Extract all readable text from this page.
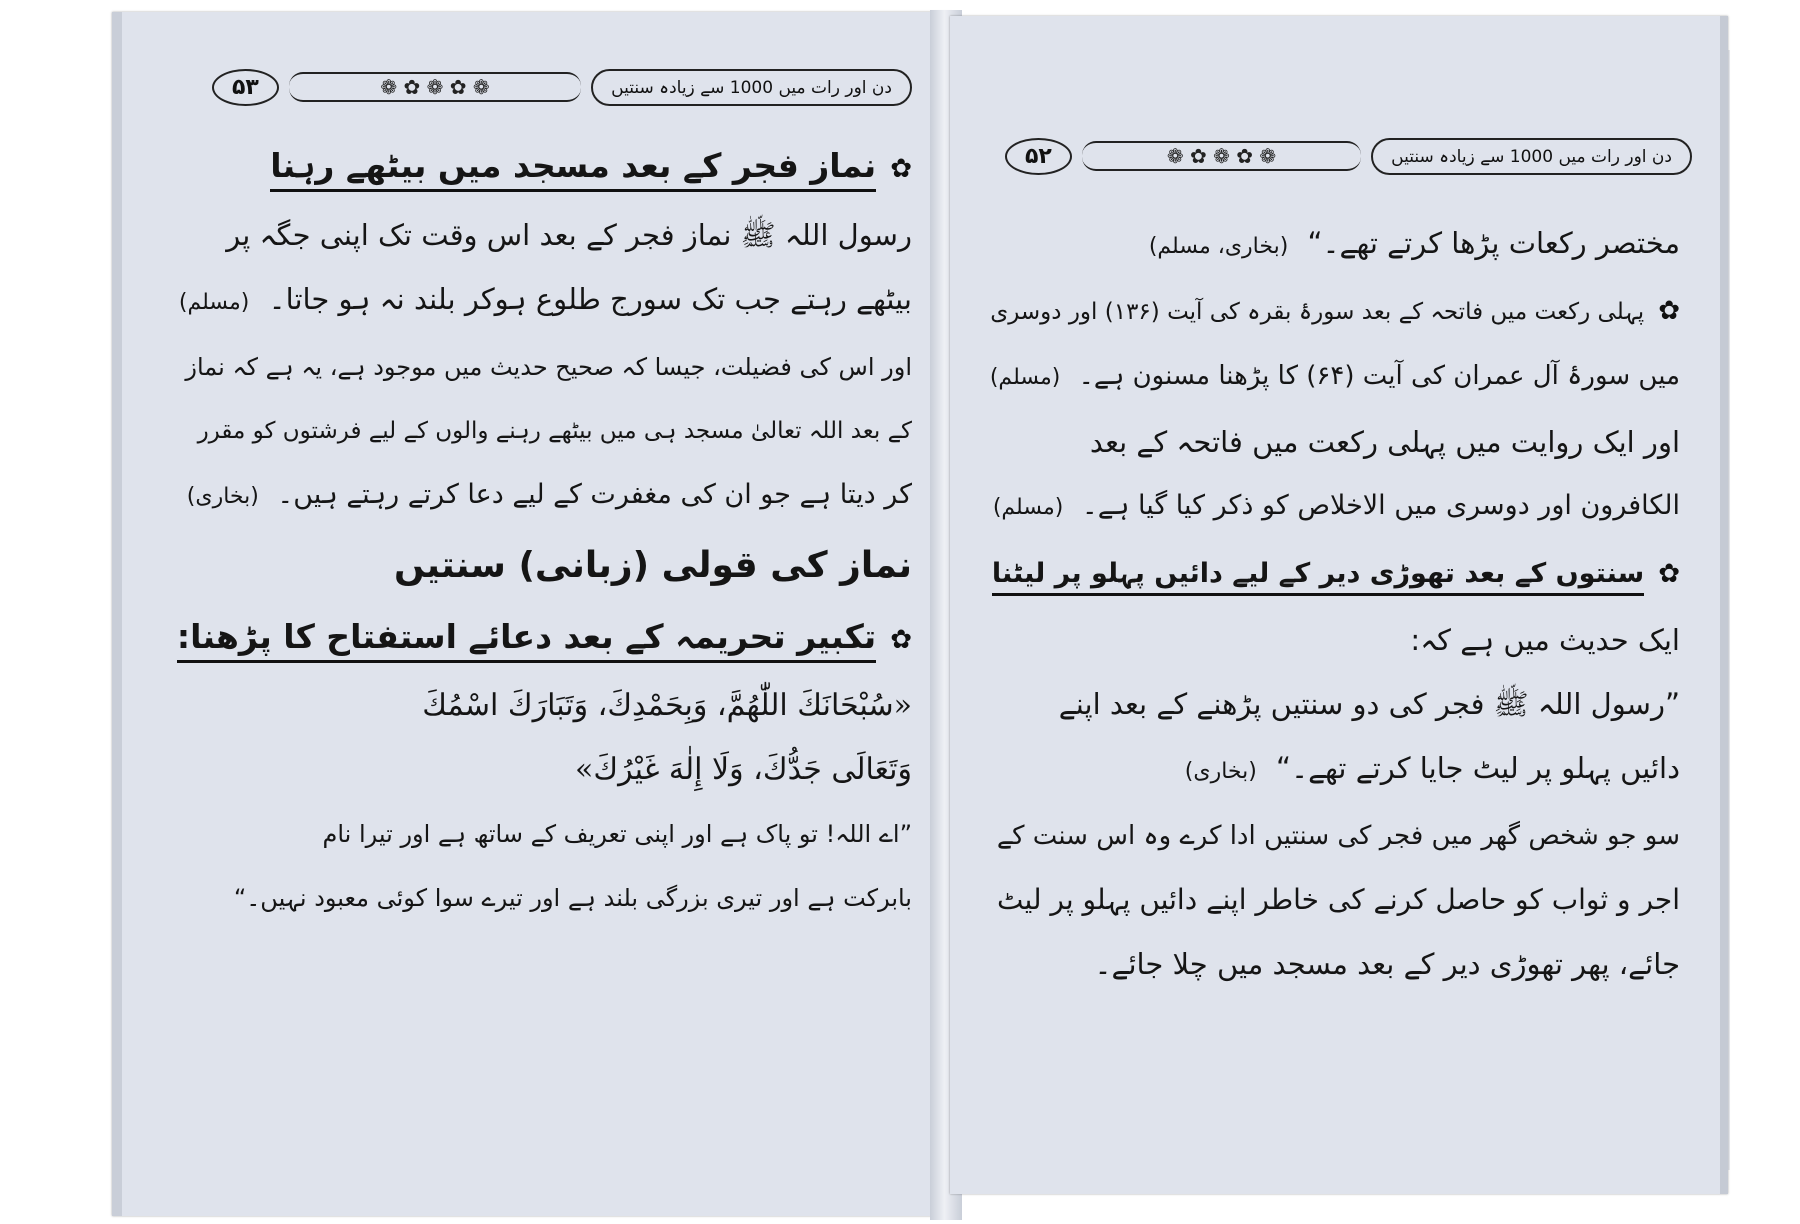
دن اور رات میں 1000 سے زیادہ سنتیں
❁ ✿ ❁ ✿ ❁
۵۳
✿نماز فجر کے بعد مسجد میں بیٹھے رہنا
رسول اللہ ﷺ نماز فجر کے بعد اس وقت تک اپنی جگہ پر
بیٹھے رہتے جب تک سورج طلوع ہوکر بلند نہ ہو جاتا۔ (مسلم)
اور اس کی فضیلت، جیسا کہ صحیح حدیث میں موجود ہے، یہ ہے کہ نماز
کے بعد اللہ تعالیٰ مسجد ہی میں بیٹھے رہنے والوں کے لیے فرشتوں کو مقرر
کر دیتا ہے جو ان کی مغفرت کے لیے دعا کرتے رہتے ہیں۔ (بخاری)
نماز کی قولی (زبانی) سنتیں
✿تکبیر تحریمہ کے بعد دعائے استفتاح کا پڑھنا:
«سُبْحَانَكَ اللّٰهُمَّ، وَبِحَمْدِكَ، وَتَبَارَكَ اسْمُكَ
وَتَعَالَى جَدُّكَ، وَلَا إِلٰهَ غَيْرُكَ»
”اے اللہ! تو پاک ہے اور اپنی تعریف کے ساتھ ہے اور تیرا نام
بابرکت ہے اور تیری بزرگی بلند ہے اور تیرے سوا کوئی معبود نہیں۔“
دن اور رات میں 1000 سے زیادہ سنتیں
❁ ✿ ❁ ✿ ❁
۵۲
مختصر رکعات پڑھا کرتے تھے۔“ (بخاری، مسلم)
✿پہلی رکعت میں فاتحہ کے بعد سورۂ بقرہ کی آیت (۱۳۶) اور دوسری
میں سورۂ آل عمران کی آیت (۶۴) کا پڑھنا مسنون ہے۔ (مسلم)
اور ایک روایت میں پہلی رکعت میں فاتحہ کے بعد
الکافرون اور دوسری میں الاخلاص کو ذکر کیا گیا ہے۔ (مسلم)
✿سنتوں کے بعد تھوڑی دیر کے لیے دائیں پہلو پر لیٹنا
ایک حدیث میں ہے کہ:
”رسول اللہ ﷺ فجر کی دو سنتیں پڑھنے کے بعد اپنے
دائیں پہلو پر لیٹ جایا کرتے تھے۔“ (بخاری)
سو جو شخص گھر میں فجر کی سنتیں ادا کرے وہ اس سنت کے
اجر و ثواب کو حاصل کرنے کی خاطر اپنے دائیں پہلو پر لیٹ
جائے، پھر تھوڑی دیر کے بعد مسجد میں چلا جائے۔
